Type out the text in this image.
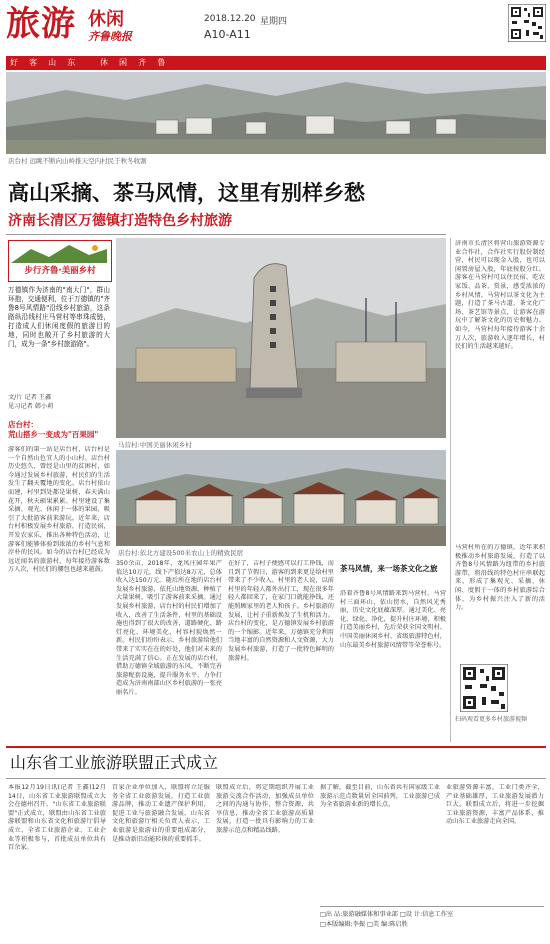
旅游 休闲
齐鲁晚报
2018.12.20 星期四
A10-A11
好  客  山  东     休  闲  齐  鲁
店台村 远眺不断向山岭推天空内村民于秋冬收割
高山采摘、茶马风情，这里有别样乡愁
济南长清区万德镇打造特色乡村旅游
步行齐鲁·美丽乡村
万德镇作为济南的"南大门"，群山环抱，交通便利，位于万德镇的"齐鲁8号风情路"沿线乡村旅游，这条路纵沿线村庄马营村等串珠成链，打造成人们休闲度假的旅游目的地，同时也敞开了乡村旅游的大门，成为一条"乡村旅游路"。
文/片 记者 王鑫
见习记者 韩小莉
店台村：
荒山搭乡一变成为"百果园"
游客们的第一站是店台村，店台村是一个自然山色宜人的小山村。店台村历史悠久，曾经是山里的贫困村，如今通过发展乡村旅游，村民们的生活发生了翻天覆地的变化。店台村依山而建，村里到处都是果树，春天满山花开，秋天硕果累累。村里建设了集采摘、观光、休闲于一体的果园，吸引了大批游客前来游玩。近年来，店台村积极发展乡村旅游，打造民宿，开发农家乐，推出各种特色活动，让游客们能够体验到浓浓的乡村气息和淳朴的民风。如今的店台村已经成为远近闻名的旅游村，每年接待游客数万人次，村民们的腰包也越来越鼓。
马营村:中国美丽休闲乡村
店台村:依北方建设500米农山上的精致民宿
350余亩，2018年，龙凤庄园年果产值达10万元，线下产值达8万元，总体收入达150万元。随后所在地的店台村发展乡村旅游，依托山地资源，种植了大量果树，吸引了游客前来采摘。通过发展乡村旅游，店台村的村民们增加了收入，改善了生活条件，村里的基础设施也得到了很大的改善，道路硬化、路灯亮化、环境美化，村容村貌焕然一新。村民们纷纷表示，乡村旅游给他们带来了实实在在的好处，他们对未来的生活充满了信心。正在发展的店台村，借助万德镇全域旅游的东风，不断完善旅游配套设施，提升服务水平，力争打造成为济南南部山区乡村旅游的一张亮丽名片。
在好了，吉村子便感可以打工挣钱，而且到了节假日，游客的到来更是给村里带来了不少收入。村里的老人说，以前村里的年轻人都外出打工，现在很多年轻人都回来了，在家门口就能挣钱，还能照顾家里的老人和孩子。乡村旅游的发展，让村子重新焕发了生机和活力。店台村的变化，是万德镇发展乡村旅游的一个缩影。近年来，万德镇充分利用当地丰富的自然资源和人文资源，大力发展乡村旅游，打造了一批特色鲜明的旅游村。
茶马风情，来一场茶文化之旅
沿着齐鲁8号风情路来到马营村，马营村三面环山，依山傍水，自然风光秀丽，历史文化底蕴深厚。通过美化、亮化、绿化、净化，提升村庄环境，积极打造美丽乡村，先后荣获全国文明村、中国美丽休闲乡村、省级旅游特色村，山东最美乡村旅游风情带等荣誉称号。
济南市长清区将营山旅游资源专业合作社，合作社实行股份制经营，村民可以现金入股，也可以闲置房屋入股，年底按股分红。游客在马营村可以住民宿、吃农家饭、品茶、赏景，感受浓浓的乡村风情。马营村以茶文化为主题，打造了茶马古道、茶文化广场、茶艺馆等景点，让游客在游玩中了解茶文化的历史和魅力。如今，马营村每年接待游客十余万人次，旅游收入逐年增长，村民们的生活越来越好。
马营村所在的万德镇，近年来积极推动乡村旅游发展，打造了以齐鲁8号风情路为纽带的乡村旅游带，将沿线的特色村庄串联起来，形成了集观光、采摘、休闲、度假于一体的乡村旅游综合体，为乡村振兴注入了新的活力。
扫码观看更多乡村旅游视频
山东省工业旅游联盟正式成立
本报12月19日讯(记者 王鑫)12月14日，山东省工业旅游联盟成立大会在德州召开。"山东省工业旅游联盟"正式成立，联盟由山东省工业旅游联盟和山东省文化和旅游厅倡导成立，全省工业旅游企业、工业企业等积极参与，首批成员单位共有百余家。
百家企业单位加入，联盟将立足服务全省工业旅游发展，打造工业旅游品牌，推动工业遗产保护利用，促进工业与旅游融合发展。山东省文化和旅游厅相关负责人表示，工业旅游是旅游业的重要组成部分，是推动新旧动能转换的重要抓手。
联盟成立后，将定期组织开展工业旅游交流合作活动，加强成员单位之间的沟通与协作，整合资源，共享信息，推动全省工业旅游高质量发展，打造一批具有影响力的工业旅游示范点和精品线路。
据了解，截至目前，山东省共有国家级工业旅游示范点数量居全国前列，工业旅游已成为全省旅游业新的增长点。
业旅游资源丰富，工业门类齐全，产业基础雄厚，工业旅游发展潜力巨大。联盟成立后，将进一步挖掘工业旅游资源，丰富产品体系，推动山东工业旅游走向全国。
□出 品:旅游融媒体和事业部 □设 计:信息工作室
□本版编辑:李振 □美 编:陈启胜
